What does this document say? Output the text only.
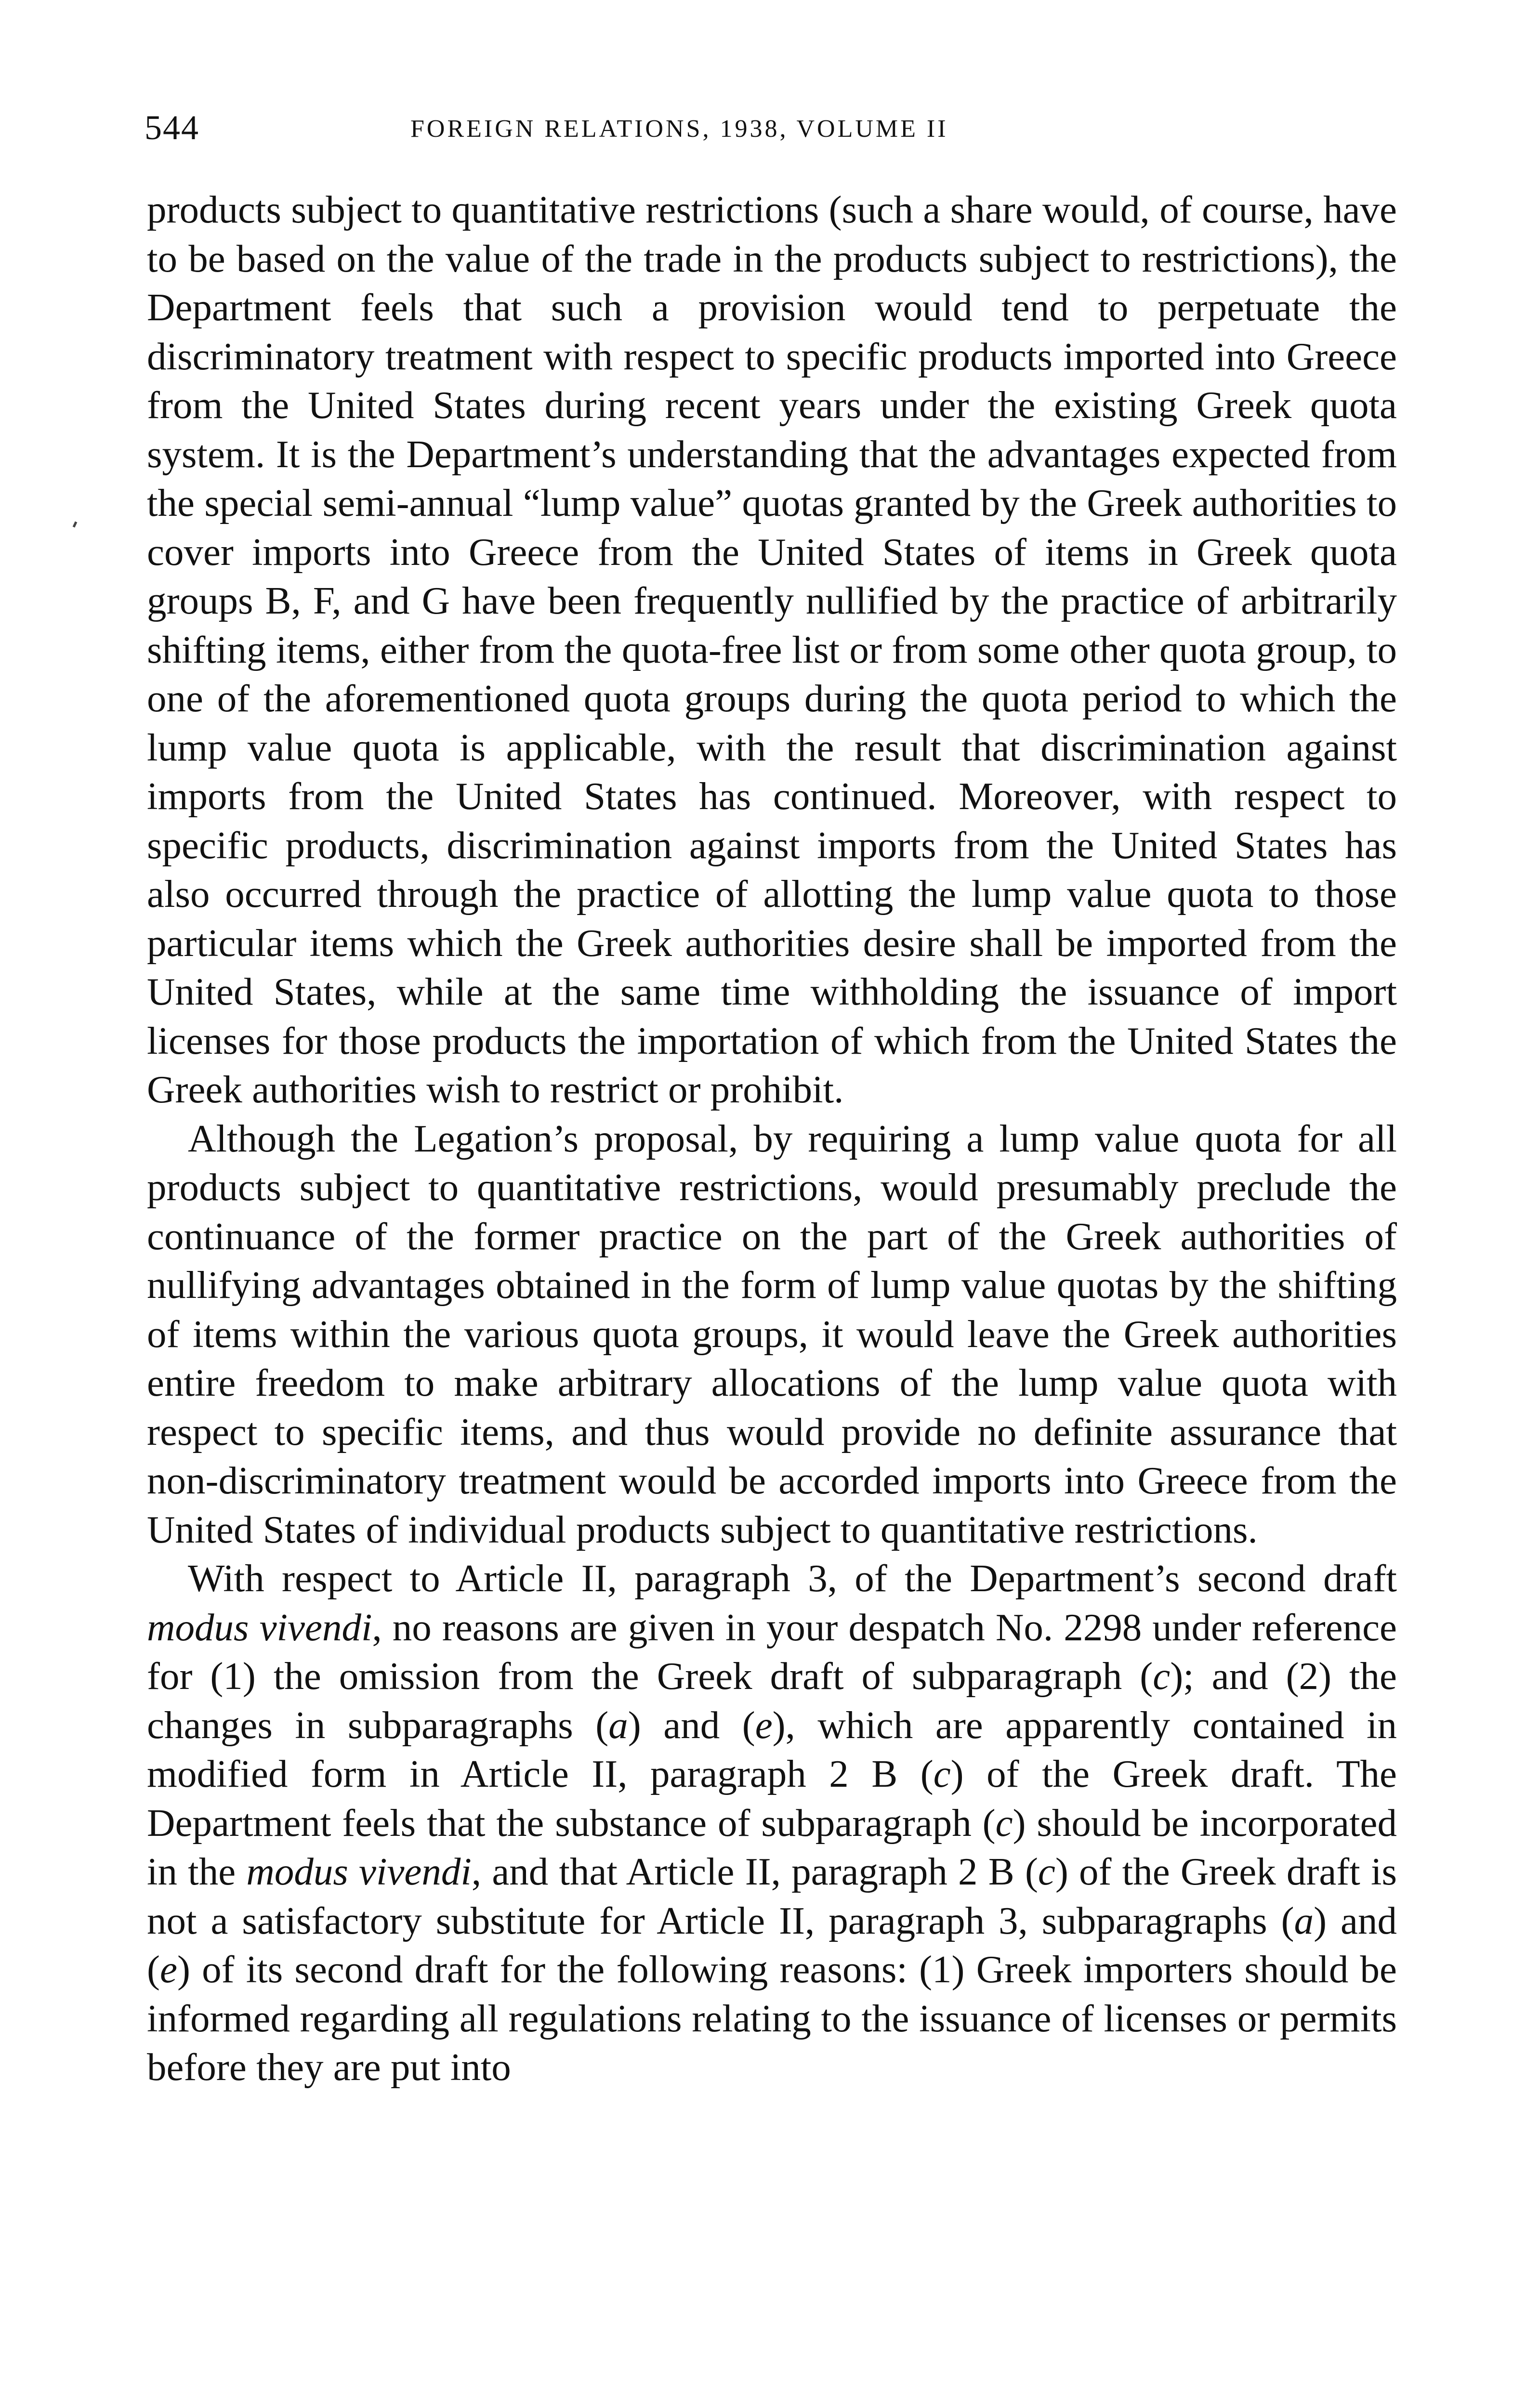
544	FOREIGN RELATIONS, 1938, VOLUME II

products subject to quantitative restrictions (such a share would, of course, have to be based on the value of the trade in the products subject to restrictions), the Department feels that such a provision would tend to perpetuate the discriminatory treatment with respect to specific products imported into Greece from the United States during recent years under the existing Greek quota system. It is the Department’s understanding that the advantages expected from the special semi-annual “lump value” quotas granted by the Greek authorities to cover imports into Greece from the United States of items in Greek quota groups B, F, and G have been frequently nullified by the practice of arbitrarily shifting items, either from the quota-free list or from some other quota group, to one of the aforementioned quota groups during the quota period to which the lump value quota is applicable, with the result that discrimination against imports from the United States has continued. Moreover, with respect to specific products, discrimination against imports from the United States has also occurred through the practice of allotting the lump value quota to those particular items which the Greek authorities desire shall be imported from the United States, while at the same time withholding the issuance of import licenses for those products the importation of which from the United States the Greek authorities wish to restrict or prohibit.

Although the Legation’s proposal, by requiring a lump value quota for all products subject to quantitative restrictions, would presumably preclude the continuance of the former practice on the part of the Greek authorities of nullifying advantages obtained in the form of lump value quotas by the shifting of items within the various quota groups, it would leave the Greek authorities entire freedom to make arbitrary allocations of the lump value quota with respect to specific items, and thus would provide no definite assurance that non-discriminatory treatment would be accorded imports into Greece from the United States of individual products subject to quantitative restrictions.

With respect to Article II, paragraph 3, of the Department’s second draft modus vivendi, no reasons are given in your despatch No. 2298 under reference for (1) the omission from the Greek draft of subparagraph (c); and (2) the changes in subparagraphs (a) and (e), which are apparently contained in modified form in Article II, paragraph 2 B (c) of the Greek draft. The Department feels that the substance of subparagraph (c) should be incorporated in the modus vivendi, and that Article II, paragraph 2 B (c) of the Greek draft is not a satisfactory substitute for Article II, paragraph 3, subparagraphs (a) and (e) of its second draft for the following reasons: (1) Greek importers should be informed regarding all regulations relating to the issuance of licenses or permits before they are put into
